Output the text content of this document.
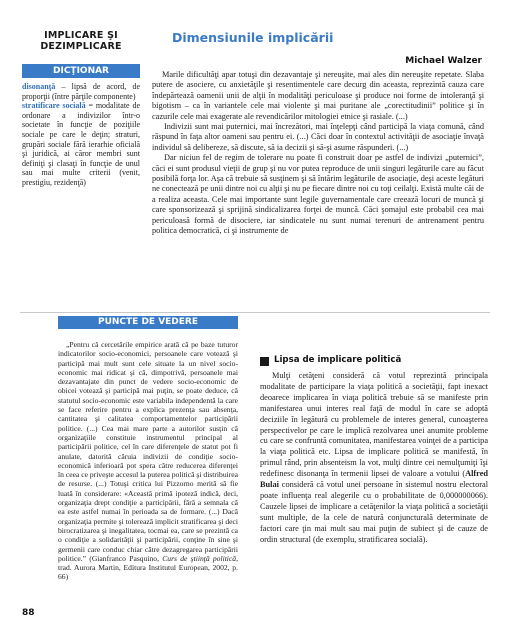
IMPLICARE ŞI
DEZIMPLICARE
DICŢIONAR
disonanţă – lipsă de acord, de proporţii (între părţile componente)
stratificare socială = modalitate de ordonare a indivizilor într-o societate în funcţie de poziţiile sociale pe care le deţin; straturi, grupări sociale fără ierarhie oficială şi juridică, ai căror membri sunt definiţi şi clasaţi în funcţie de unul sau mai multe criterii (venit, prestigiu, rezidenţă)
Dimensiunile implicării
Michael Walzer

Marile dificultăţi apar totuşi din dezavantaje şi nereuşite, mai ales din nereuşite repetate. Slaba putere de asociere, cu anxietăţile şi resentimentele care decurg din aceasta, reprezintă cauza care îndepărtează oamenii unii de alţii în modalităţi periculoase şi produce noi forme de intoleranţă şi bigotism – ca în variantele cele mai violente şi mai puritane ale „corectitudinii” politice şi în cazurile cele mai exagerate ale revendicărilor mitologiei etnice şi rasiale. (...)

Indivizii sunt mai puternici, mai încrezători, mai înţelepţi când participă la viaţa comună, când răspund în faţa altor oameni sau pentru ei. (...) Căci doar în contextul activităţii de asociaţie învaţă individul să delibereze, să discute, să ia decizii şi să-şi asume răspunderi. (...)

Dar niciun fel de regim de tolerare nu poate fi construit doar pe astfel de indivizi „puternici”, căci ei sunt produsul vieţii de grup şi nu vor putea reproduce de unii singuri legăturile care au făcut posibilă forţa lor. Aşa că trebuie să susţinem şi să întărim legăturile de asociaţie, deşi aceste legături ne conectează pe unii dintre noi cu alţii şi nu pe fiecare dintre noi cu toţi ceilalţi. Există multe căi de a realiza aceasta. Cele mai importante sunt legile guvernamentale care creează locuri de muncă şi care sponsorizează şi sprijină sindicalizarea forţei de muncă. Căci şomajul este probabil cea mai periculoasă formă de disociere, iar sindicatele nu sunt numai terenuri de antrenament pentru politica democratică, ci şi instrumente de

PUNCTE DE VEDERE

„Pentru că cercetările empirice arată că pe baze tuturor indicatorilor socio-economici, persoanele care votează şi participă mai mult sunt cele situate la un nivel socio-economic mai ridicat şi că, dimpotrivă, persoanele mai dezavantajate din punct de vedere socio-economic de obicei votează şi participă mai puţin, se poate deduce, că statutul socio-economic este variabila independentă la care se face referire pentru a explica prezenţa sau absenţa, cantitatea şi calitatea comportamentelor participării politice. (...) Cea mai mare parte a autorilor susţin că organizaţiile constituie instrumentul principal al participării politice, cel în care diferenţele de statut pot fi anulate, datorită căruia indivizii de condiţie socio-economică inferioară pot spera către reducerea diferenţei în ceea ce priveşte accesul la puterea politică şi distribuirea de resurse. (...) Totuşi critica lui Pizzorno merită să fie luată în considerare: «Această primă ipoteză indică, deci, organizaţia drept condiţie a participării, fără a semnala că ea este astfel numai în perioada sa de formare. (...) Dacă organizaţia permite şi tolerează implicit stratificarea şi deci birocratizarea şi inegalitatea, tocmai ea, care se prezintă ca o condiţie a solidarităţii şi participării, conţine în sine şi germenii care conduc chiar către dezagregarea participării politice.” (Gianfranco Pasquino, Curs de ştiinţă politică, trad. Aurora Martin, Editura Institutul European, 2002, p. 66)

Lipsa de implicare politică

Mulţi cetăţeni consideră că votul reprezintă principala modalitate de participare la viaţa politică a societăţii, fapt inexact deoarece implicarea în viaţa politică trebuie să se manifeste prin manifestarea unui interes real faţă de modul în care se adoptă deciziile în legătură cu problemele de interes general, cunoaşterea perspectivelor pe care le implică rezolvarea unei anumite probleme cu care se confruntă comunitatea, manifestarea voinţei de a participa la viaţa politică etc. Lipsa de implicare politică se manifestă, în primul rând, prin absenteism la vot, mulţi dintre cei nemulţumiţi îşi redefinesc disonanţa în termenii lipsei de valoare a votului (Alfred Bulai consideră că votul unei persoane în sistemul nostru electoral poate influenţa real alegerile cu o probabilitate de 0,000000066). Cauzele lipsei de implicare a cetăţenilor la viaţa politică a societăţii sunt multiple, de la cele de natură conjuncturală determinate de factori care ţin mai mult sau mai puţin de subiect şi de cauze de ordin structural (de exemplu, stratificarea socială).

88
